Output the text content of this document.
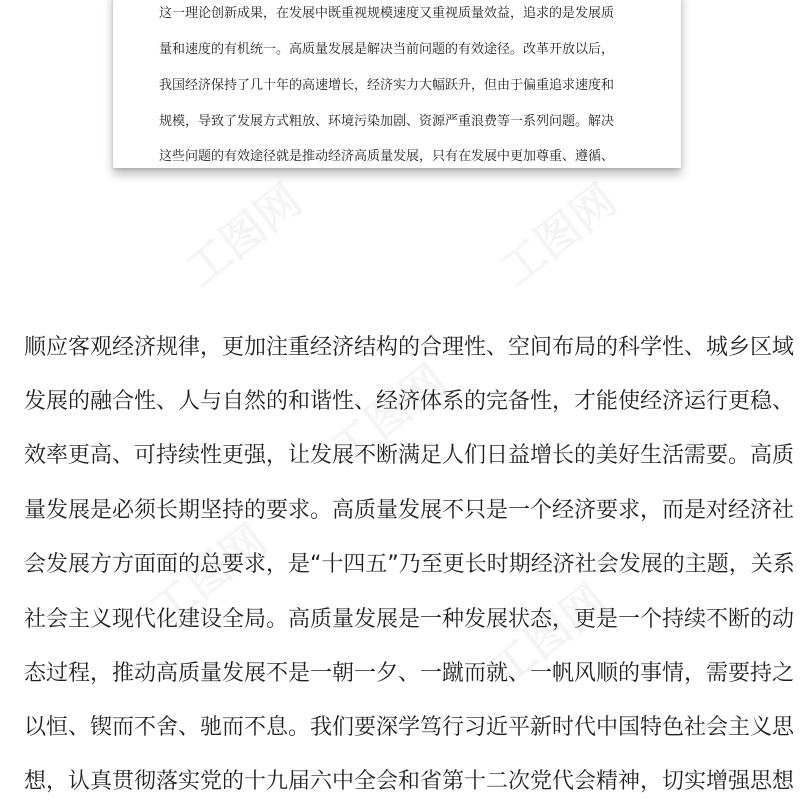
这一理论创新成果，在发展中既重视规模速度又重视质量效益，追求的是发展质
量和速度的有机统一。高质量发展是解决当前问题的有效途径。改革开放以后，
我国经济保持了几十年的高速增长，经济实力大幅跃升，但由于偏重追求速度和
规模，导致了发展方式粗放、环境污染加剧、资源严重浪费等一系列问题。解决
这些问题的有效途径就是推动经济高质量发展，只有在发展中更加尊重、遵循、
顺应客观经济规律，更加注重经济结构的合理性、空间布局的科学性、城乡区域
发展的融合性、人与自然的和谐性、经济体系的完备性，才能使经济运行更稳、
效率更高、可持续性更强，让发展不断满足人们日益增长的美好生活需要。高质
量发展是必须长期坚持的要求。高质量发展不只是一个经济要求，而是对经济社
会发展方方面面的总要求，是“十四五”乃至更长时期经济社会发展的主题，关系
社会主义现代化建设全局。高质量发展是一种发展状态，更是一个持续不断的动
态过程，推动高质量发展不是一朝一夕、一蹴而就、一帆风顺的事情，需要持之
以恒、锲而不舍、驰而不息。我们要深学笃行习近平新时代中国特色社会主义思
想，认真贯彻落实党的十九届六中全会和省第十二次党代会精神，切实增强思想
